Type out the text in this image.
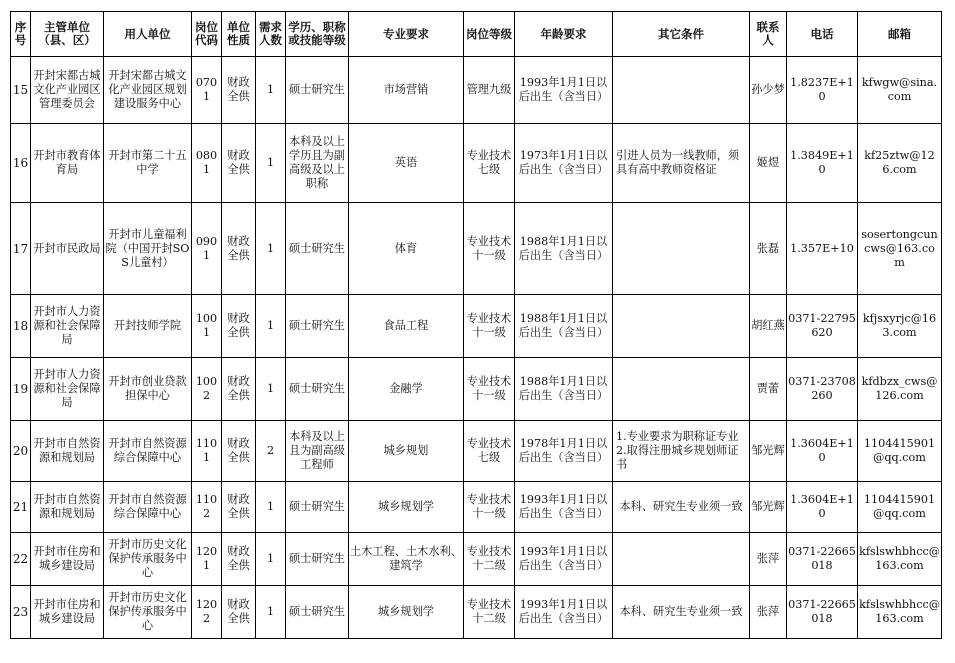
序号	主管单位（县、区）	用人单位	岗位代码	单位性质	需求人数	学历、职称或技能等级	专业要求	岗位等级	年龄要求	其它条件	联系人	电话	邮箱
15	开封宋都古城文化产业园区管理委员会	开封宋都古城文化产业园区规划建设服务中心	0701	财政全供	1	硕士研究生	市场营销	管理九级	1993年1月1日以后出生（含当日）		孙少梦	1.8237E+10	kfwgw@sina.com
16	开封市教育体育局	开封市第二十五中学	0801	财政全供	1	本科及以上学历且为副高级及以上职称	英语	专业技术七级	1973年1月1日以后出生（含当日）	引进人员为一线教师，须具有高中教师资格证	姬煜	1.3849E+10	kf25ztw@126.com
17	开封市民政局	开封市儿童福利院（中国开封SOS儿童村）	0901	财政全供	1	硕士研究生	体育	专业技术十一级	1988年1月1日以后出生（含当日）		张磊	1.357E+10	sosertongcuncws@163.com
18	开封市人力资源和社会保障局	开封技师学院	1001	财政全供	1	硕士研究生	食品工程	专业技术十一级	1988年1月1日以后出生（含当日）		胡红燕	0371-22795620	kfjsxyrjc@163.com
19	开封市人力资源和社会保障局	开封市创业贷款担保中心	1002	财政全供	1	硕士研究生	金融学	专业技术十一级	1988年1月1日以后出生（含当日）		贾蕾	0371-23708260	kfdbzx_cws@126.com
20	开封市自然资源和规划局	开封市自然资源综合保障中心	1101	财政全供	2	本科及以上且为副高级工程师	城乡规划	专业技术七级	1978年1月1日以后出生（含当日）	1.专业要求为职称证专业
2.取得注册城乡规划师证书	邹光辉	1.3604E+10	1104415901@qq.com
21	开封市自然资源和规划局	开封市自然资源综合保障中心	1102	财政全供	1	硕士研究生	城乡规划学	专业技术十一级	1993年1月1日以后出生（含当日）	本科、研究生专业须一致	邹光辉	1.3604E+10	1104415901@qq.com
22	开封市住房和城乡建设局	开封市历史文化保护传承服务中心	1201	财政全供	1	硕士研究生	土木工程、土木水利、建筑学	专业技术十二级	1993年1月1日以后出生（含当日）		张萍	0371-22665018	kfslswhbhcc@163.com
23	开封市住房和城乡建设局	开封市历史文化保护传承服务中心	1202	财政全供	1	硕士研究生	城乡规划学	专业技术十二级	1993年1月1日以后出生（含当日）	本科、研究生专业须一致	张萍	0371-22665018	kfslswhbhcc@163.com
